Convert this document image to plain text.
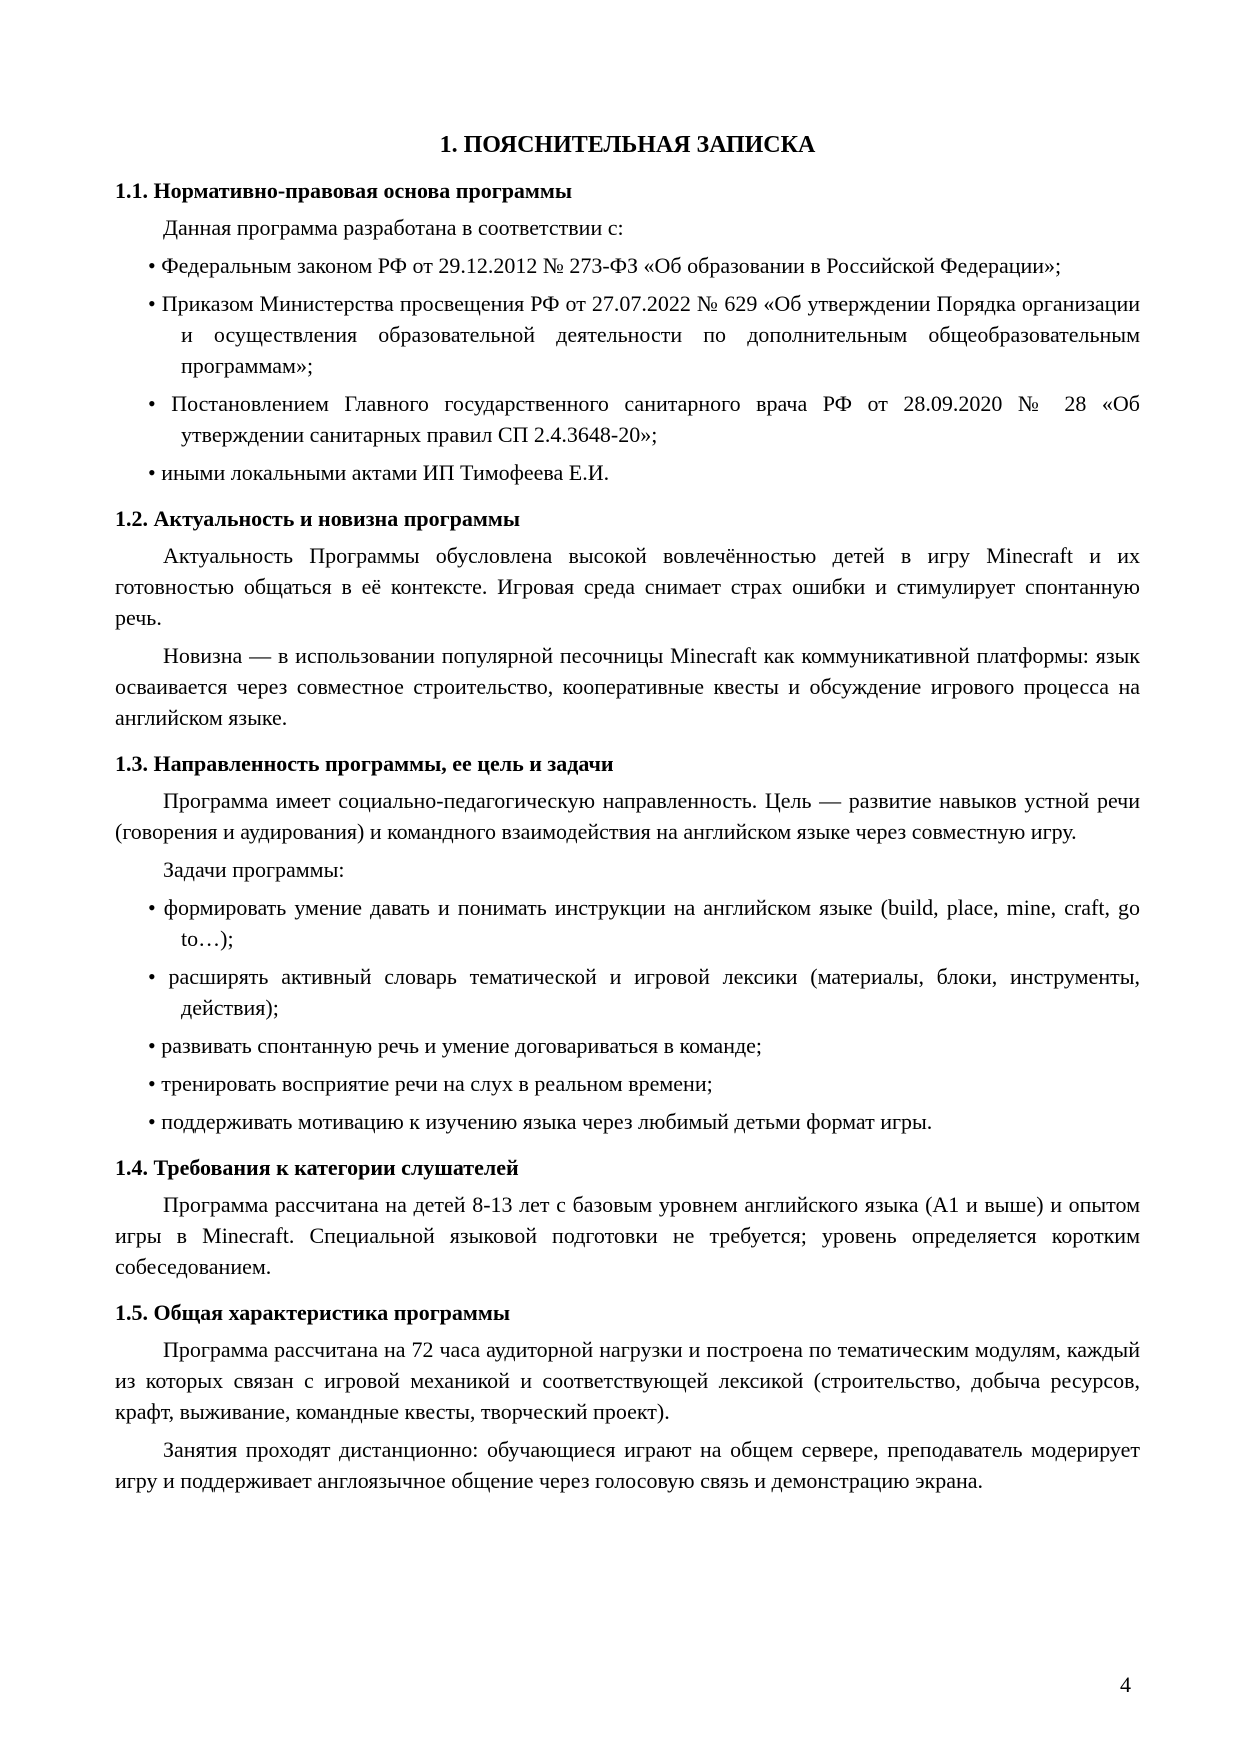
1. ПОЯСНИТЕЛЬНАЯ ЗАПИСКА
1.1. Нормативно-правовая основа программы

Данная программа разработана в соответствии с:

• Федеральным законом РФ от 29.12.2012 № 273-ФЗ «Об образовании в Российской Федерации»;

• Приказом Министерства просвещения РФ от 27.07.2022 № 629 «Об утверждении Порядка организации и осуществления образовательной деятельности по дополнительным общеобразовательным программам»;

• Постановлением Главного государственного санитарного врача РФ от 28.09.2020 № 28 «Об утверждении санитарных правил СП 2.4.3648-20»;

• иными локальными актами ИП Тимофеева Е.И.

1.2. Актуальность и новизна программы

Актуальность Программы обусловлена высокой вовлечённостью детей в игру Minecraft и их готовностью общаться в её контексте. Игровая среда снимает страх ошибки и стимулирует спонтанную речь.

Новизна — в использовании популярной песочницы Minecraft как коммуникативной платформы: язык осваивается через совместное строительство, кооперативные квесты и обсуждение игрового процесса на английском языке.

1.3. Направленность программы, ее цель и задачи

Программа имеет социально-педагогическую направленность. Цель — развитие навыков устной речи (говорения и аудирования) и командного взаимодействия на английском языке через совместную игру.

Задачи программы:

• формировать умение давать и понимать инструкции на английском языке (build, place, mine, craft, go to…);

• расширять активный словарь тематической и игровой лексики (материалы, блоки, инструменты, действия);

• развивать спонтанную речь и умение договариваться в команде;

• тренировать восприятие речи на слух в реальном времени;

• поддерживать мотивацию к изучению языка через любимый детьми формат игры.

1.4. Требования к категории слушателей

Программа рассчитана на детей 8-13 лет с базовым уровнем английского языка (A1 и выше) и опытом игры в Minecraft. Специальной языковой подготовки не требуется; уровень определяется коротким собеседованием.

1.5. Общая характеристика программы

Программа рассчитана на 72 часа аудиторной нагрузки и построена по тематическим модулям, каждый из которых связан с игровой механикой и соответствующей лексикой (строительство, добыча ресурсов, крафт, выживание, командные квесты, творческий проект).

Занятия проходят дистанционно: обучающиеся играют на общем сервере, преподаватель модерирует игру и поддерживает англоязычное общение через голосовую связь и демонстрацию экрана.

4
